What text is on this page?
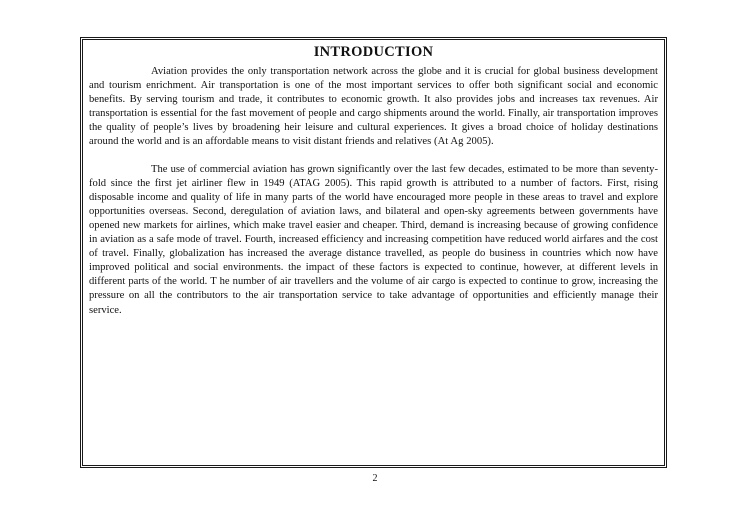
INTRODUCTION

Aviation provides the only transportation network across the globe and it is crucial for global business development and tourism enrichment. Air transportation is one of the most important services to offer both significant social and economic benefits. By serving tourism and trade, it contributes to economic growth. It also provides jobs and increases tax revenues. Air transportation is essential for the fast movement of people and cargo shipments around the world. Finally, air transportation improves the quality of people’s lives by broadening heir leisure and cultural experiences. It gives a broad choice of holiday destinations around the world and is an affordable means to visit distant friends and relatives (At Ag 2005).

The use of commercial aviation has grown significantly over the last few decades, estimated to be more than seventy-fold since the first jet airliner flew in 1949 (ATAG 2005). This rapid growth is attributed to a number of factors. First, rising disposable income and quality of life in many parts of the world have encouraged more people in these areas to travel and explore opportunities overseas. Second, deregulation of aviation laws, and bilateral and open-sky agreements between governments have opened new markets for airlines, which make travel easier and cheaper. Third, demand is increasing because of growing confidence in aviation as a safe mode of travel. Fourth, increased efficiency and increasing competition have reduced world airfares and the cost of travel. Finally, globalization has increased the average distance travelled, as people do business in countries which now have improved political and social environments. the impact of these factors is expected to continue, however, at different levels in different parts of the world. T he number of air travellers and the volume of air cargo is expected to continue to grow, increasing the pressure on all the contributors to the air transportation service to take advantage of opportunities and efficiently manage their service.

2
